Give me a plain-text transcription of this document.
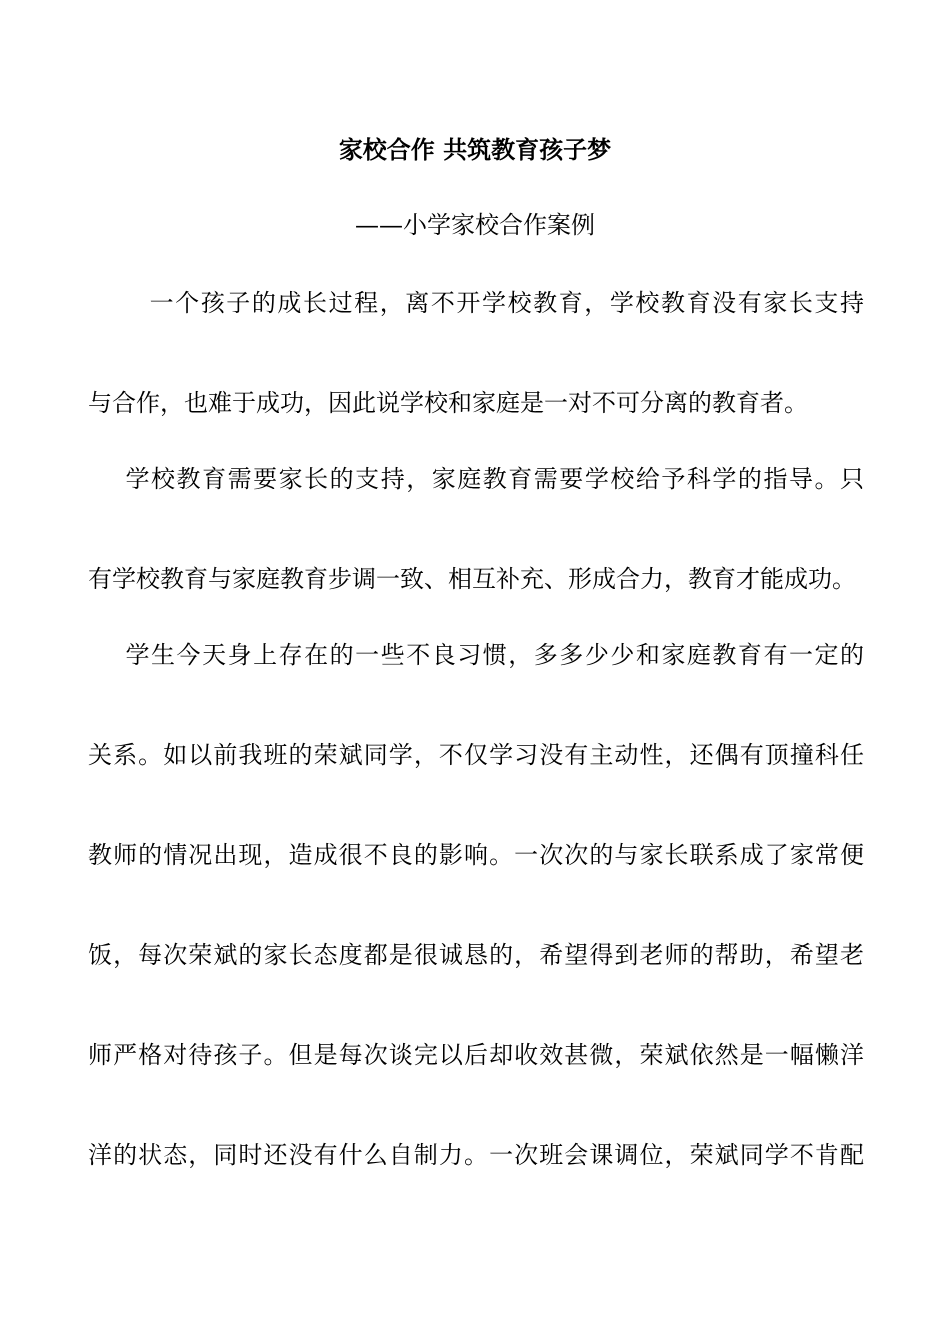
家校合作 共筑教育孩子梦
——小学家校合作案例
　一个孩子的成长过程，离不开学校教育，学校教育没有家长支持
与合作，也难于成功，因此说学校和家庭是一对不可分离的教育者。
　学校教育需要家长的支持，家庭教育需要学校给予科学的指导。只
有学校教育与家庭教育步调一致、相互补充、形成合力，教育才能成功。
　学生今天身上存在的一些不良习惯，多多少少和家庭教育有一定的
关系。如以前我班的荣斌同学，不仅学习没有主动性，还偶有顶撞科任
教师的情况出现，造成很不良的影响。一次次的与家长联系成了家常便
饭，每次荣斌的家长态度都是很诚恳的，希望得到老师的帮助，希望老
师严格对待孩子。但是每次谈完以后却收效甚微，荣斌依然是一幅懒洋
洋的状态，同时还没有什么自制力。一次班会课调位，荣斌同学不肯配
